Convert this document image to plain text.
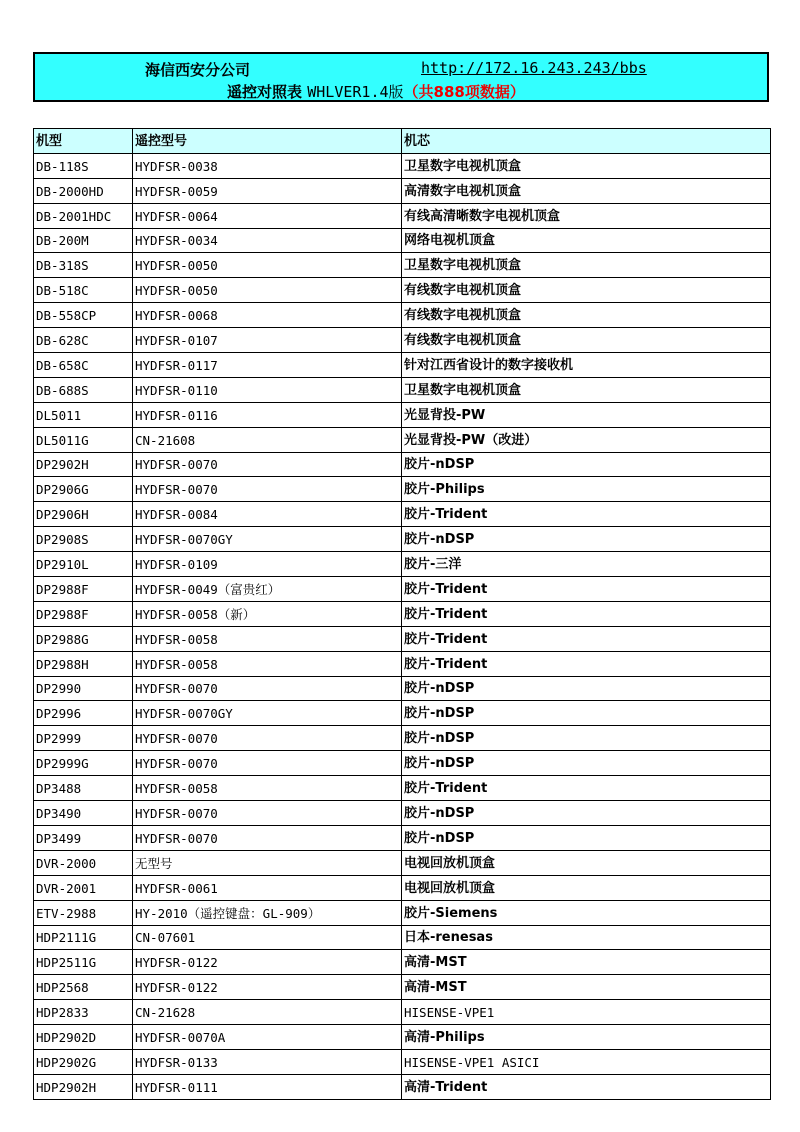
海信西安分公司	http://172.16.243.243/bbs
遥控对照表 WHLVER1.4版（共888项数据）
机型	遥控型号	机芯
DB-118S	HYDFSR-0038	卫星数字电视机顶盒
DB-2000HD	HYDFSR-0059	高清数字电视机顶盒
DB-2001HDC	HYDFSR-0064	有线高清晰数字电视机顶盒
DB-200M	HYDFSR-0034	网络电视机顶盒
DB-318S	HYDFSR-0050	卫星数字电视机顶盒
DB-518C	HYDFSR-0050	有线数字电视机顶盒
DB-558CP	HYDFSR-0068	有线数字电视机顶盒
DB-628C	HYDFSR-0107	有线数字电视机顶盒
DB-658C	HYDFSR-0117	针对江西省设计的数字接收机
DB-688S	HYDFSR-0110	卫星数字电视机顶盒
DL5011	HYDFSR-0116	光显背投-PW
DL5011G	CN-21608	光显背投-PW（改进）
DP2902H	HYDFSR-0070	胶片-nDSP
DP2906G	HYDFSR-0070	胶片-Philips
DP2906H	HYDFSR-0084	胶片-Trident
DP2908S	HYDFSR-0070GY	胶片-nDSP
DP2910L	HYDFSR-0109	胶片-三洋
DP2988F	HYDFSR-0049（富贵红）	胶片-Trident
DP2988F	HYDFSR-0058（新）	胶片-Trident
DP2988G	HYDFSR-0058	胶片-Trident
DP2988H	HYDFSR-0058	胶片-Trident
DP2990	HYDFSR-0070	胶片-nDSP
DP2996	HYDFSR-0070GY	胶片-nDSP
DP2999	HYDFSR-0070	胶片-nDSP
DP2999G	HYDFSR-0070	胶片-nDSP
DP3488	HYDFSR-0058	胶片-Trident
DP3490	HYDFSR-0070	胶片-nDSP
DP3499	HYDFSR-0070	胶片-nDSP
DVR-2000	无型号	电视回放机顶盒
DVR-2001	HYDFSR-0061	电视回放机顶盒
ETV-2988	HY-2010（遥控键盘：GL-909）	胶片-Siemens
HDP2111G	CN-07601	日本-renesas
HDP2511G	HYDFSR-0122	高清-MST
HDP2568	HYDFSR-0122	高清-MST
HDP2833	CN-21628	HISENSE-VPE1
HDP2902D	HYDFSR-0070A	高清-Philips
HDP2902G	HYDFSR-0133	HISENSE-VPE1 ASICI
HDP2902H	HYDFSR-0111	高清-Trident
